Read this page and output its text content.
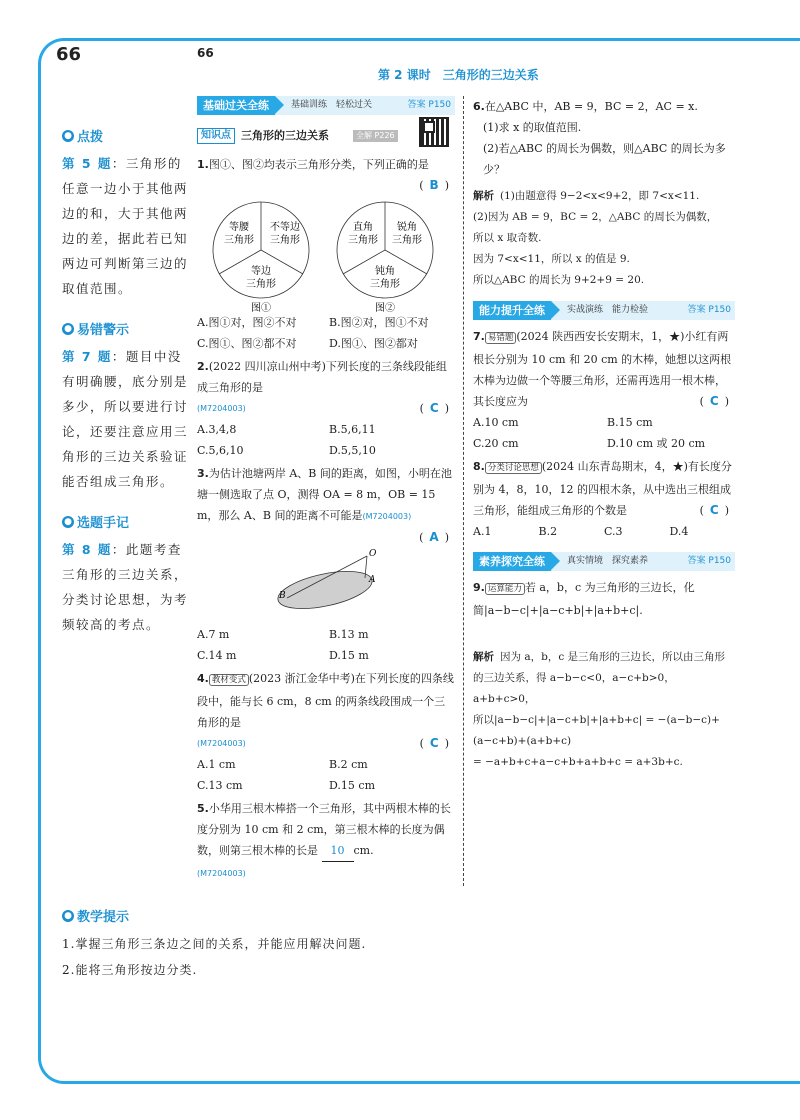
66	66
第 2 课时　三角形的三边关系
● 点拨
第 5 题：三角形的任意一边小于其他两边的和，大于其他两边的差，据此若已知两边可判断第三边的取值范围。
● 易错警示
第 7 题：题目中没有明确腰，底分别是多少，所以要进行讨论，还要注意应用三角形的三边关系验证能否组成三角形。
● 选题手记
第 8 题：此题考查三角形的三边关系，分类讨论思想，为考频较高的考点。
基础过关全练	基础训练　 轻松过关	答案 P150
知识点 三角形的三边关系	全解 P226
1.图①、图②均表示三角形分类，下列正确的是
( B )
等腰三角形
不等边三角形
等边三角形
图①
直角三角形
锐角三角形
钝角三角形
图②
A.图①对，图②不对	B.图②对，图①不对
C.图①、图②都不对	D.图①、图②都对
2.(2022 四川凉山州中考)下列长度的三条线段能组成三角形的是
(M7204003)	( C )
A.3,4,8	B.5,6,11
C.5,6,10	D.5,5,10
3.为估计池塘两岸 A、B 间的距离，如图，小明在池塘一侧选取了点 O，测得 OA = 8 m，OB = 15 m，那么 A、B 间的距离不可能是(M7204003)
( A )
B
A
O
A.7 m	B.13 m
C.14 m	D.15 m
4. 教材变式 (2023 浙江金华中考)在下列长度的四条线段中，能与长 6 cm，8 cm 的两条线段围成一个三角形的是
(M7204003)	( C )
A.1 cm	B.2 cm
C.13 cm	D.15 cm
5.小华用三根木棒搭一个三角形，其中两根木棒的长度分别为 10 cm 和 2 cm，第三根木棒的长度为偶数，则第三根木棒的长是 10 cm.
(M7204003)
6.在△ABC 中，AB = 9，BC = 2，AC = x.
(1)求 x 的取值范围.
(2)若△ABC 的周长为偶数，则△ABC 的周长为多少？
解析 (1)由题意得 9−2<x<9+2，即 7<x<11.
(2)因为 AB = 9，BC = 2，△ABC 的周长为偶数，
所以 x 取奇数.
因为 7<x<11，所以 x 的值是 9.
所以△ABC 的周长为 9+2+9 = 20.
能力提升全练	实战演练　 能力检验	答案 P150
7. 易错题 (2024 陕西西安长安期末，1，★)小红有两根长分别为 10 cm 和 20 cm 的木棒，她想以这两根木棒为边做一个等腰三角形，还需再选用一根木棒，其长度应为	( C )
A.10 cm	B.15 cm
C.20 cm	D.10 cm 或 20 cm
8. 分类讨论思想 (2024 山东青岛期末，4，★)有长度分别为 4，8，10，12 的四根木条，从中选出三根组成三角形，能组成三角形的个数是	( C )
A.1	B.2	C.3	D.4
素养探究全练	真实情境　 探究素养	答案 P150
9. 运算能力 若 a，b，c 为三角形的三边长，化简|a−b−c|+|a−c+b|+|a+b+c|.
解析 因为 a，b，c 是三角形的三边长，所以由三角形的三边关系，得 a−b−c<0，a−c+b>0，a+b+c>0，
所以|a−b−c|+|a−c+b|+|a+b+c| = −(a−b−c)+(a−c+b)+(a+b+c)
= −a+b+c+a−c+b+a+b+c = a+3b+c.
● 教学提示

1.掌握三角形三条边之间的关系，并能应用解决问题.

2.能将三角形按边分类.
